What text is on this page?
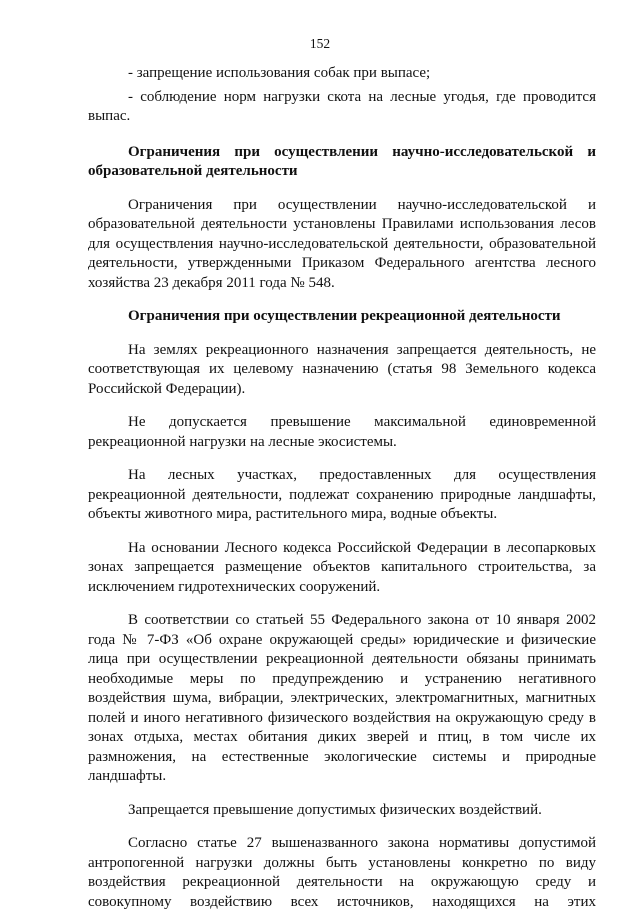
152

- запрещение использования собак при выпасе;

- соблюдение норм нагрузки скота на лесные угодья, где проводится выпас.

Ограничения при осуществлении научно-исследовательской и образовательной деятельности

Ограничения при осуществлении научно-исследовательской и образовательной деятельности установлены Правилами использования лесов для осуществления научно-исследовательской деятельности, образовательной деятельности, утвержденными Приказом Федерального агентства лесного хозяйства 23 декабря 2011 года № 548.

Ограничения при осуществлении рекреационной деятельности

На землях рекреационного назначения запрещается деятельность, не соответствующая их целевому назначению (статья 98 Земельного кодекса Российской Федерации).

Не допускается превышение максимальной единовременной рекреационной нагрузки на лесные экосистемы.

На лесных участках, предоставленных для осуществления рекреационной деятельности, подлежат сохранению природные ландшафты, объекты животного мира, растительного мира, водные объекты.

На основании Лесного кодекса Российской Федерации в лесопарковых зонах запрещается размещение объектов капитального строительства, за исключением гидротехнических сооружений.

В соответствии со статьей 55 Федерального закона от 10 января 2002 года № 7-ФЗ «Об охране окружающей среды» юридические и физические лица при осуществлении рекреационной деятельности обязаны принимать необходимые меры по предупреждению и устранению негативного воздействия шума, вибрации, электрических, электромагнитных, магнитных полей и иного негативного физического воздействия на окружающую среду в зонах отдыха, местах обитания диких зверей и птиц, в том числе их размножения, на естественные экологические системы и природные ландшафты.

Запрещается превышение допустимых физических воздействий.

Согласно статье 27 вышеназванного закона нормативы допустимой антропогенной нагрузки должны быть установлены конкретно по виду воздействия рекреационной деятельности на окружающую среду и совокупному воздействию всех источников, находящихся на этих
